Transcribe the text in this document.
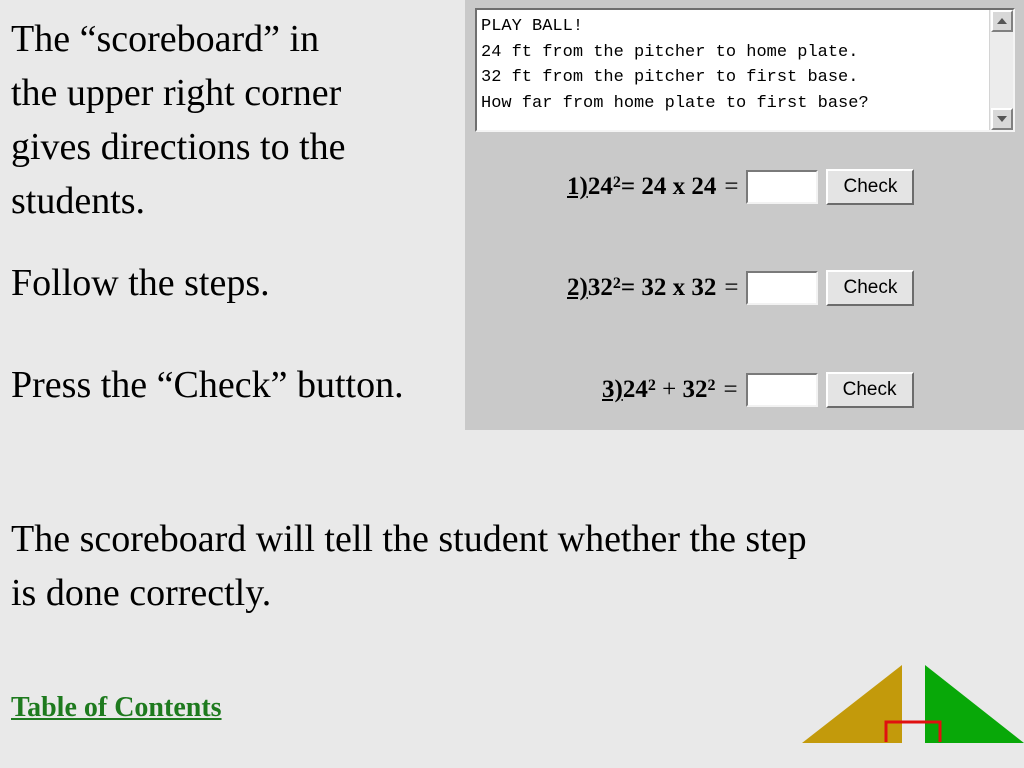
The “scoreboard” in
the upper right corner
gives directions to the
students.

Follow the steps.

Press the “Check” button.

The scoreboard will tell the student whether the step
is done correctly.

Table of Contents
PLAY BALL!
24 ft from the pitcher to home plate.
32 ft from the pitcher to first base.
How far from home plate to first base?
1) $24^2 = 24$ x 24 =	Check
2) $32^2 = 32$ x 32 =	Check
3) $24^2 + 32^2$ =	Check
